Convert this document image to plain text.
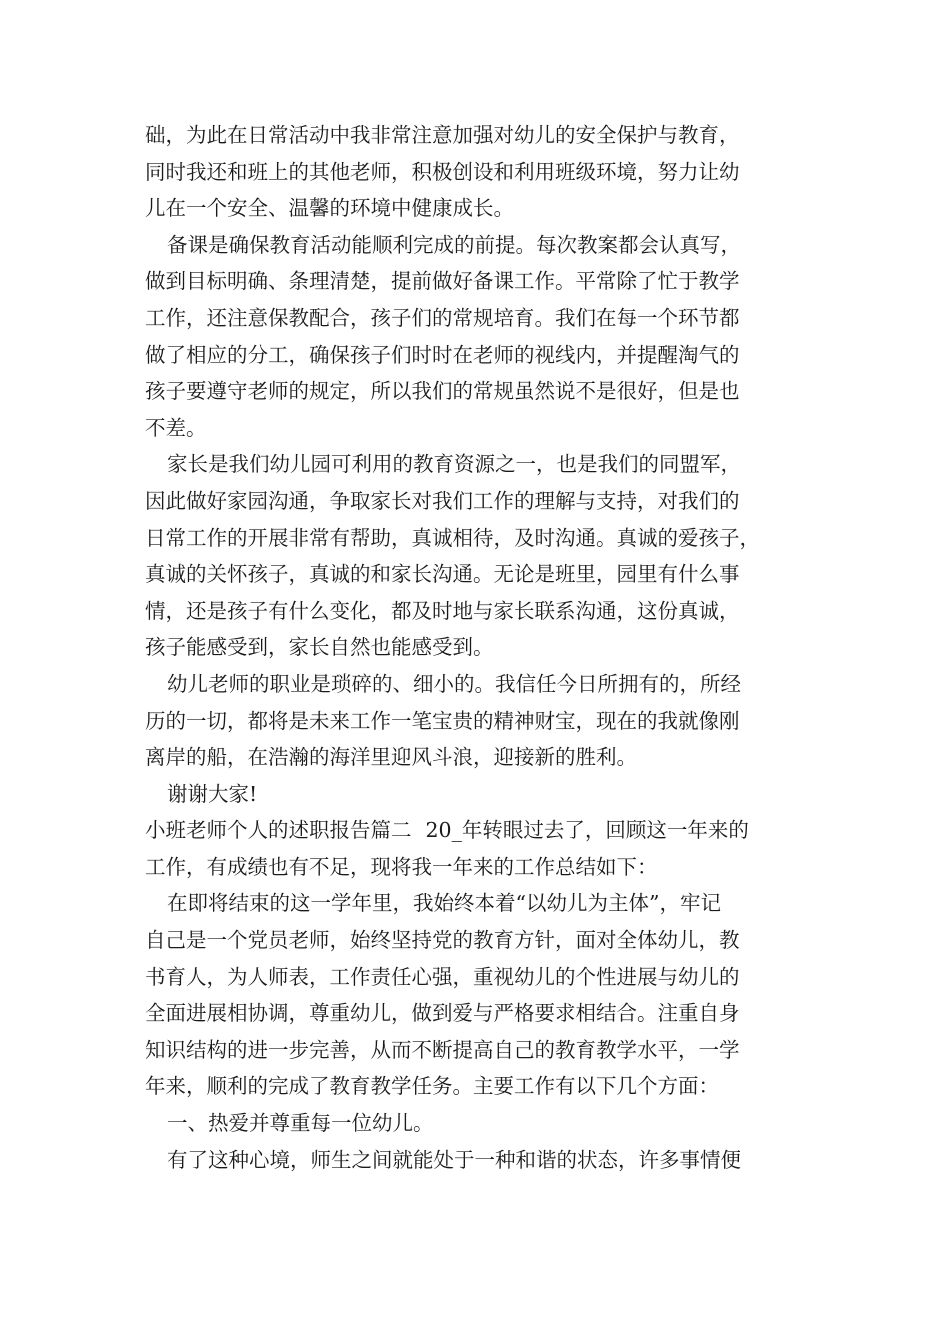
础，为此在日常活动中我非常注意加强对幼儿的安全保护与教育，
同时我还和班上的其他老师，积极创设和利用班级环境，努力让幼
儿在一个安全、温馨的环境中健康成长。
备课是确保教育活动能顺利完成的前提。每次教案都会认真写，
做到目标明确、条理清楚，提前做好备课工作。平常除了忙于教学
工作，还注意保教配合，孩子们的常规培育。我们在每一个环节都
做了相应的分工，确保孩子们时时在老师的视线内，并提醒淘气的
孩子要遵守老师的规定，所以我们的常规虽然说不是很好，但是也
不差。
家长是我们幼儿园可利用的教育资源之一，也是我们的同盟军，
因此做好家园沟通，争取家长对我们工作的理解与支持，对我们的
日常工作的开展非常有帮助，真诚相待，及时沟通。真诚的爱孩子，
真诚的关怀孩子，真诚的和家长沟通。无论是班里，园里有什么事
情，还是孩子有什么变化，都及时地与家长联系沟通，这份真诚，
孩子能感受到，家长自然也能感受到。
幼儿老师的职业是琐碎的、细小的。我信任今日所拥有的，所经
历的一切，都将是未来工作一笔宝贵的精神财宝，现在的我就像刚
离岸的船，在浩瀚的海洋里迎风斗浪，迎接新的胜利。
谢谢大家!
小班老师个人的述职报告篇二 20_年转眼过去了，回顾这一年来的
工作，有成绩也有不足，现将我一年来的工作总结如下：
在即将结束的这一学年里，我始终本着“以幼儿为主体”，牢记
自己是一个党员老师，始终坚持党的教育方针，面对全体幼儿，教
书育人，为人师表，工作责任心强，重视幼儿的个性进展与幼儿的
全面进展相协调，尊重幼儿，做到爱与严格要求相结合。注重自身
知识结构的进一步完善，从而不断提高自己的教育教学水平，一学
年来，顺利的完成了教育教学任务。主要工作有以下几个方面：
一、热爱并尊重每一位幼儿。
有了这种心境，师生之间就能处于一种和谐的状态，许多事情便
